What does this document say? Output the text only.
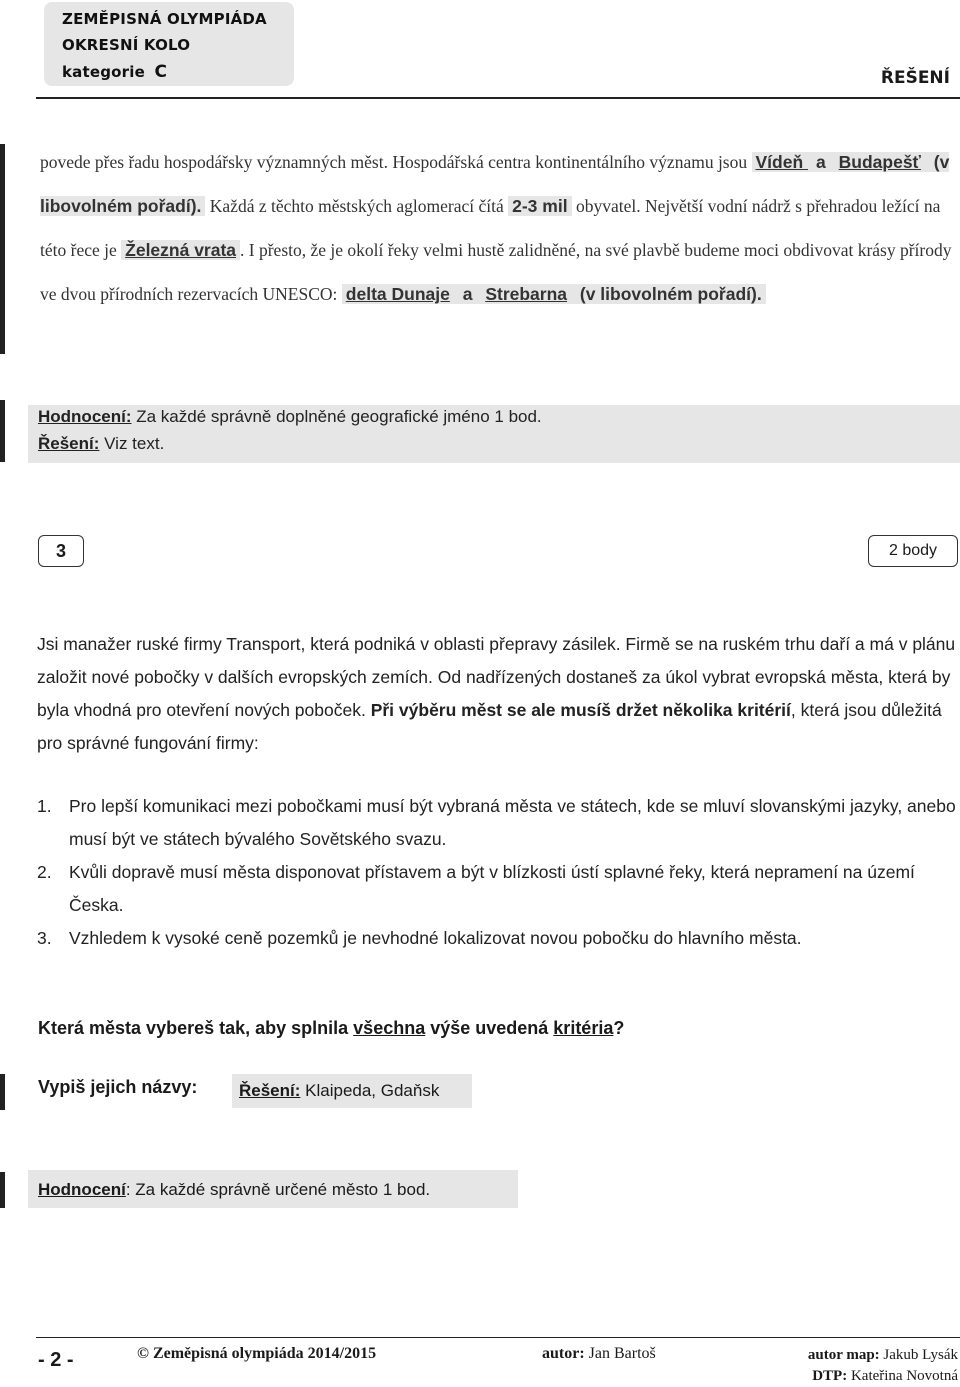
ZEMĚPISNÁ OLYMPIÁDA
OKRESNÍ KOLO
kategorie C	ŘEŠENÍ
povede přes řadu hospodářsky významných měst. Hospodářská centra kontinentálního významu jsou Vídeň a Budapešť (v libovolném pořadí). Každá z těchto městských aglomerací čítá 2-3 mil obyvatel. Největší vodní nádrž s přehradou ležící na této řece je Železná vrata . I přesto, že je okolí řeky velmi hustě zalidněné, na své plavbě budeme moci obdivovat krásy přírody ve dvou přírodních rezervacích UNESCO: delta Dunaje a Strebarna (v libovolném pořadí).
Hodnocení: Za každé správně doplněné geografické jméno 1 bod.
Řešení: Viz text.
3	2 body
Jsi manažer ruské firmy Transport, která podniká v oblasti přepravy zásilek. Firmě se na ruském trhu daří a má v plánu založit nové pobočky v dalších evropských zemích. Od nadřízených dostaneš za úkol vybrat evropská města, která by byla vhodná pro otevření nových poboček. Při výběru měst se ale musíš držet několika kritérií, která jsou důležitá pro správné fungování firmy:
1. Pro lepší komunikaci mezi pobočkami musí být vybraná města ve státech, kde se mluví slovanskými jazyky, anebo musí být ve státech bývalého Sovětského svazu.
2. Kvůli dopravě musí města disponovat přístavem a být v blízkosti ústí splavné řeky, která nepramení na území Česka.
3. Vzhledem k vysoké ceně pozemků je nevhodné lokalizovat novou pobočku do hlavního města.
Která města vybereš tak, aby splnila všechna výše uvedená kritéria?
Vypiš jejich názvy:	Řešení: Klaipeda, Gdaňsk
Hodnocení: Za každé správně určené město 1 bod.
- 2 -	© Zeměpisná olympiáda 2014/2015	autor: Jan Bartoš	autor map: Jakub Lysák
DTP: Kateřina Novotná
